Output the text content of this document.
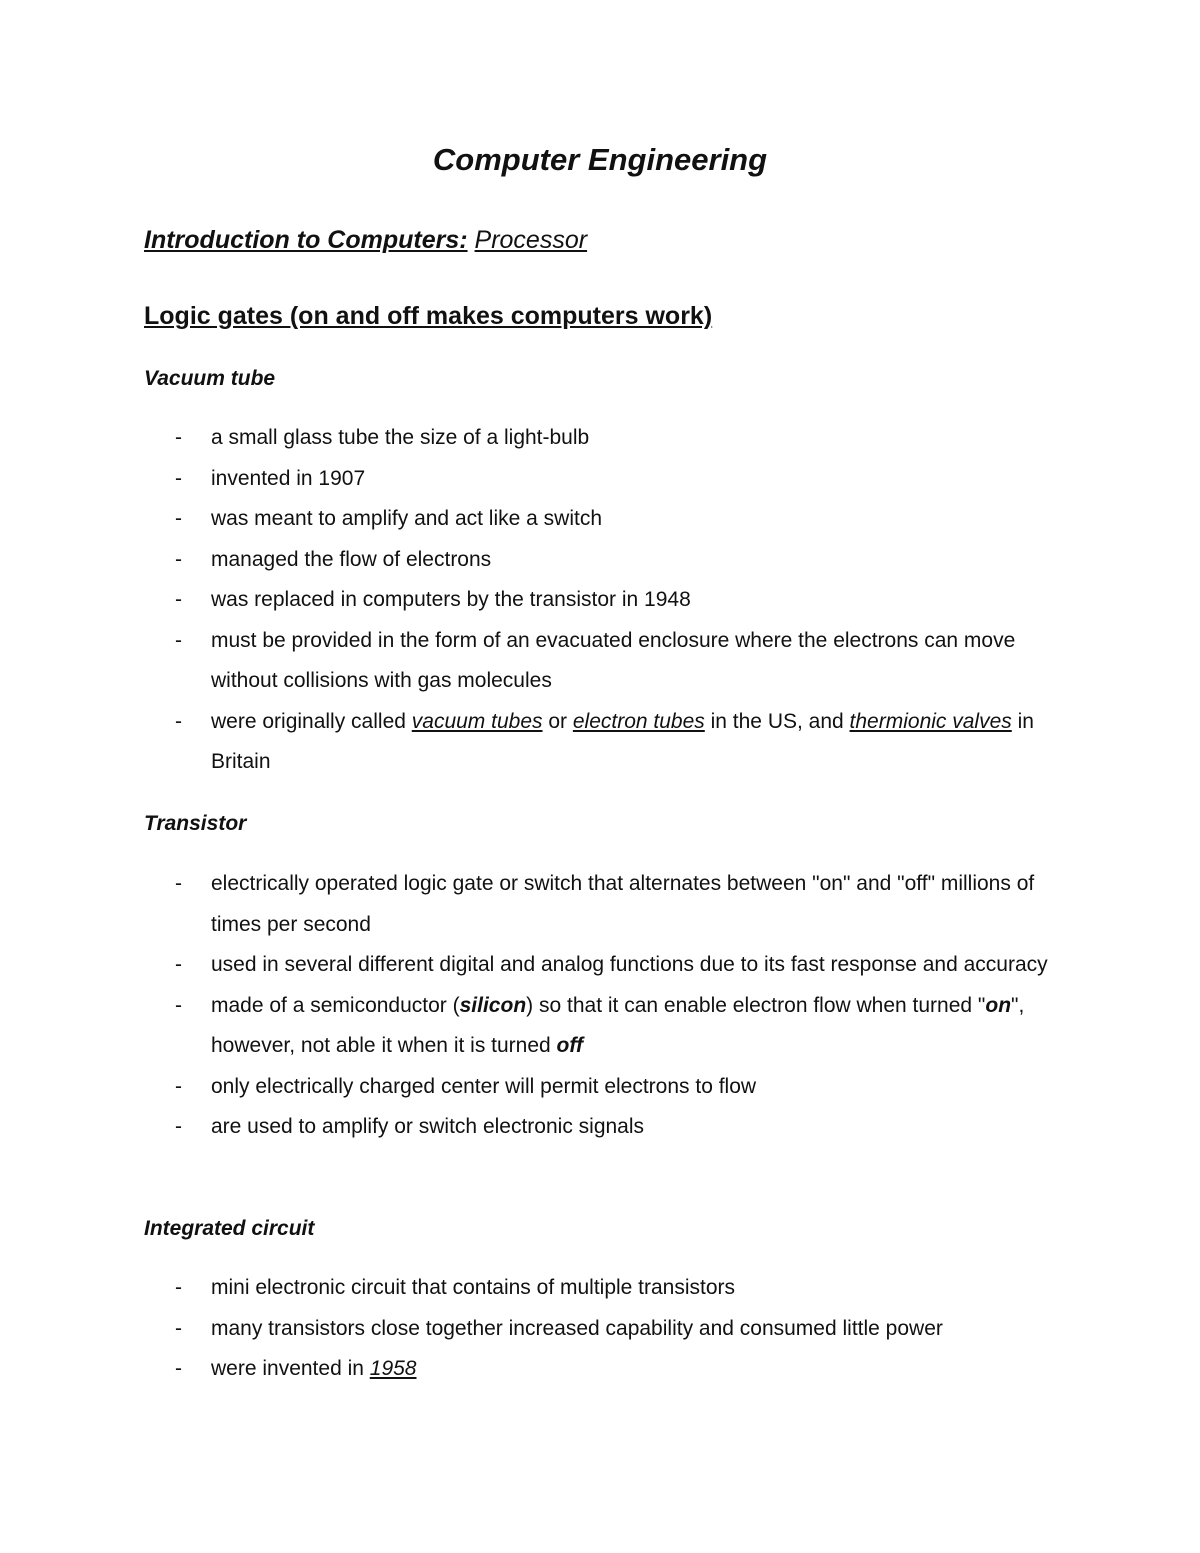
Computer Engineering
Introduction to Computers: Processor
Logic gates (on and off makes computers work)
Vacuum tube
- a small glass tube the size of a light-bulb
- invented in 1907
- was meant to amplify and act like a switch
- managed the flow of electrons
- was replaced in computers by the transistor in 1948
- must be provided in the form of an evacuated enclosure where the electrons can move without collisions with gas molecules
- were originally called vacuum tubes or electron tubes in the US, and thermionic valves in Britain
Transistor
- electrically operated logic gate or switch that alternates between "on" and "off" millions of times per second
- used in several different digital and analog functions due to its fast response and accuracy
- made of a semiconductor (silicon) so that it can enable electron flow when turned "on", however, not able it when it is turned off
- only electrically charged center will permit electrons to flow
- are used to amplify or switch electronic signals
Integrated circuit
- mini electronic circuit that contains of multiple transistors
- many transistors close together increased capability and consumed little power
- were invented in 1958
